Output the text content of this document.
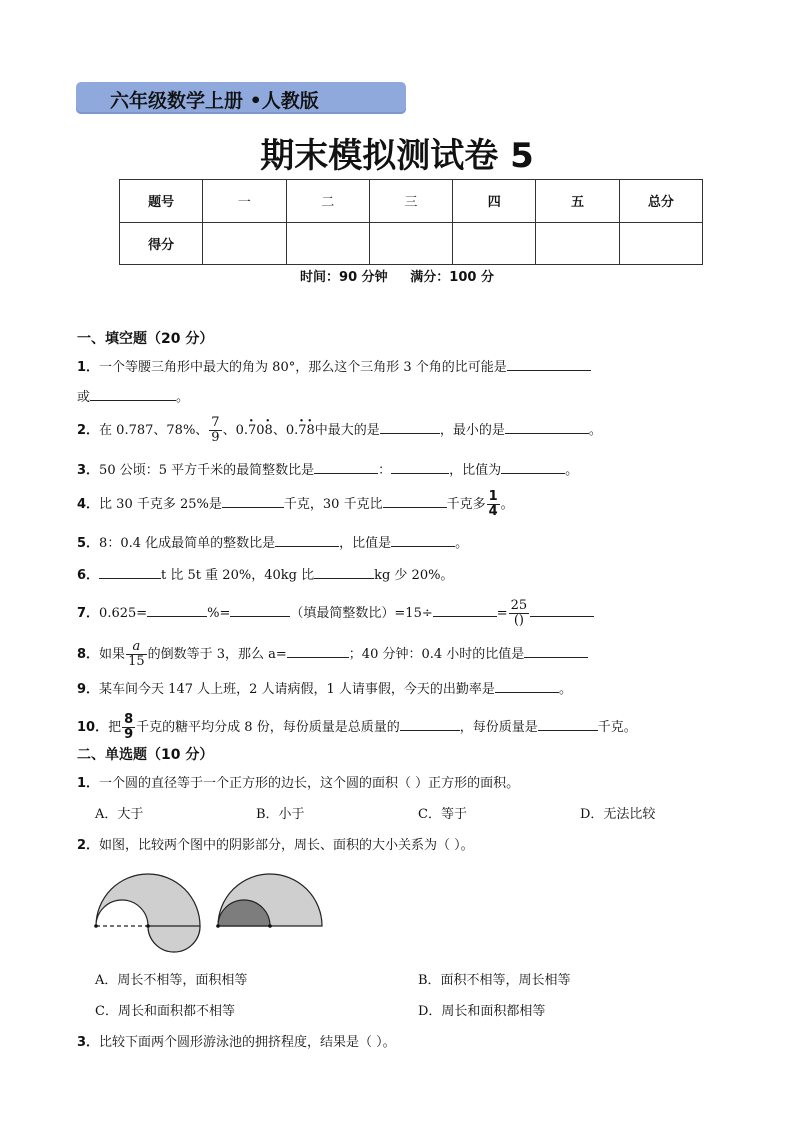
六年级数学上册 •人教版
期末模拟测试卷 5
题号	一	二	三	四	五	总分
得分						
时间：90 分钟     满分：100 分
一、填空题（20 分）
1．一个等腰三角形中最大的角为 80°，那么这个三角形 3 个角的比可能是
或	。
2．在 0.787、78%、 $\frac{7}{9}$ 、0.· 70· 8、0.· 7· 8中最大的是	，最小的是	。
3．50 公顷：5 平方千米的最简整数比是	：	，比值为	。
4．比 30 千克多 25%是	千克，30 千克比	千克多 $\frac{1}{4}$ 。
5．8：0.4 化成最简单的整数比是	，比值是	。
6．	t 比 5t 重 20%，40kg 比	kg 少 20%。
7．0.625=	%=	（填最简整数比）=15÷	= $\frac{25}{()}$
8．如果 $\frac{a}{15}$ 的倒数等于 3，那么 a=	；40 分钟：0.4 小时的比值是
9．某车间今天 147 人上班，2 人请病假，1 人请事假，今天的出勤率是	。
10．把 $\frac{8}{9}$ 千克的糖平均分成 8 份，每份质量是总质量的	，每份质量是	千克。
二、单选题（10 分）
1．一个圆的直径等于一个正方形的边长，这个圆的面积（ ）正方形的面积。
A．大于	B．小于	C．等于	D．无法比较
2．如图，比较两个图中的阴影部分，周长、面积的大小关系为（ ）。
A．周长不相等，面积相等	B．面积不相等，周长相等
C．周长和面积都不相等	D．周长和面积都相等
3．比较下面两个圆形游泳池的拥挤程度，结果是（ ）。
